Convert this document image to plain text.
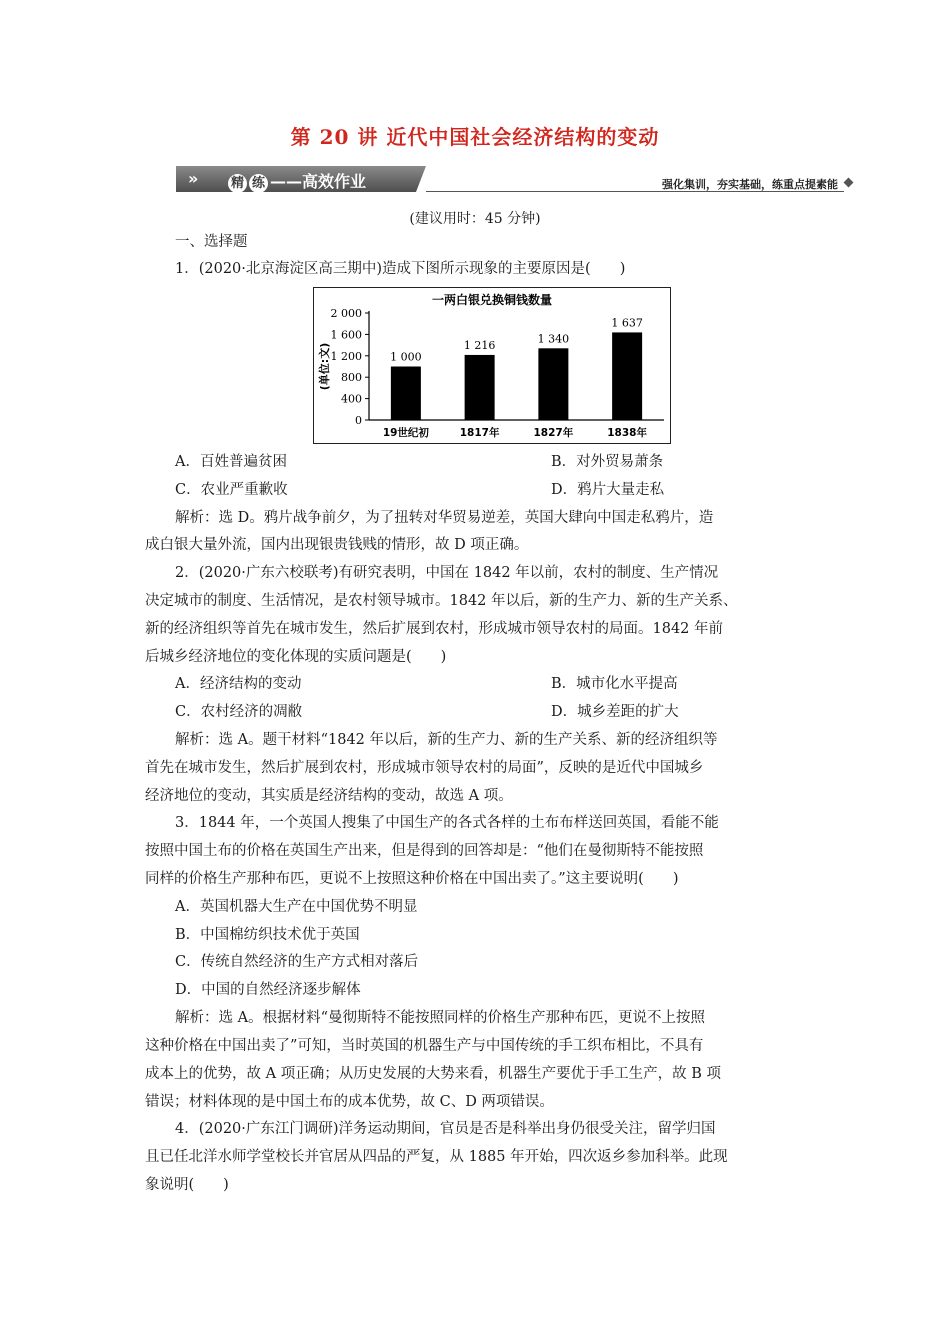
第 20 讲 近代中国社会经济结构的变动
»	精 练 ——高效作业	强化集训，夯实基础，练重点提素能
(建议用时：45 分钟)
一、选择题
1．(2020·北京海淀区高三期中)造成下图所示现象的主要原因是(　　)
一两白银兑换铜钱数量
(单位:文)
0
400
800
1 200
1 600
2 000
1 000
19世纪初
1 216
1817年
1 340
1827年
1 637
1838年
A．百姓普遍贫困	B．对外贸易萧条
C．农业严重歉收	D．鸦片大量走私
解析：选 D。鸦片战争前夕，为了扭转对华贸易逆差，英国大肆向中国走私鸦片，造
成白银大量外流，国内出现银贵钱贱的情形，故 D 项正确。
2．(2020·广东六校联考)有研究表明，中国在 1842 年以前，农村的制度、生产情况
决定城市的制度、生活情况，是农村领导城市。1842 年以后，新的生产力、新的生产关系、
新的经济组织等首先在城市发生，然后扩展到农村，形成城市领导农村的局面。1842 年前
后城乡经济地位的变化体现的实质问题是(　　)
A．经济结构的变动	B．城市化水平提高
C．农村经济的凋敝	D．城乡差距的扩大
解析：选 A。题干材料“1842 年以后，新的生产力、新的生产关系、新的经济组织等
首先在城市发生，然后扩展到农村，形成城市领导农村的局面”，反映的是近代中国城乡
经济地位的变动，其实质是经济结构的变动，故选 A 项。
3．1844 年，一个英国人搜集了中国生产的各式各样的土布布样送回英国，看能不能
按照中国土布的价格在英国生产出来，但是得到的回答却是：“他们在曼彻斯特不能按照
同样的价格生产那种布匹，更说不上按照这种价格在中国出卖了。”这主要说明(　　)
A．英国机器大生产在中国优势不明显
B．中国棉纺织技术优于英国
C．传统自然经济的生产方式相对落后
D．中国的自然经济逐步解体
解析：选 A。根据材料“曼彻斯特不能按照同样的价格生产那种布匹，更说不上按照
这种价格在中国出卖了”可知，当时英国的机器生产与中国传统的手工织布相比，不具有
成本上的优势，故 A 项正确；从历史发展的大势来看，机器生产要优于手工生产，故 B 项
错误；材料体现的是中国土布的成本优势，故 C、D 两项错误。
4．(2020·广东江门调研)洋务运动期间，官员是否是科举出身仍很受关注，留学归国
且已任北洋水师学堂校长并官居从四品的严复，从 1885 年开始，四次返乡参加科举。此现
象说明(　　)
